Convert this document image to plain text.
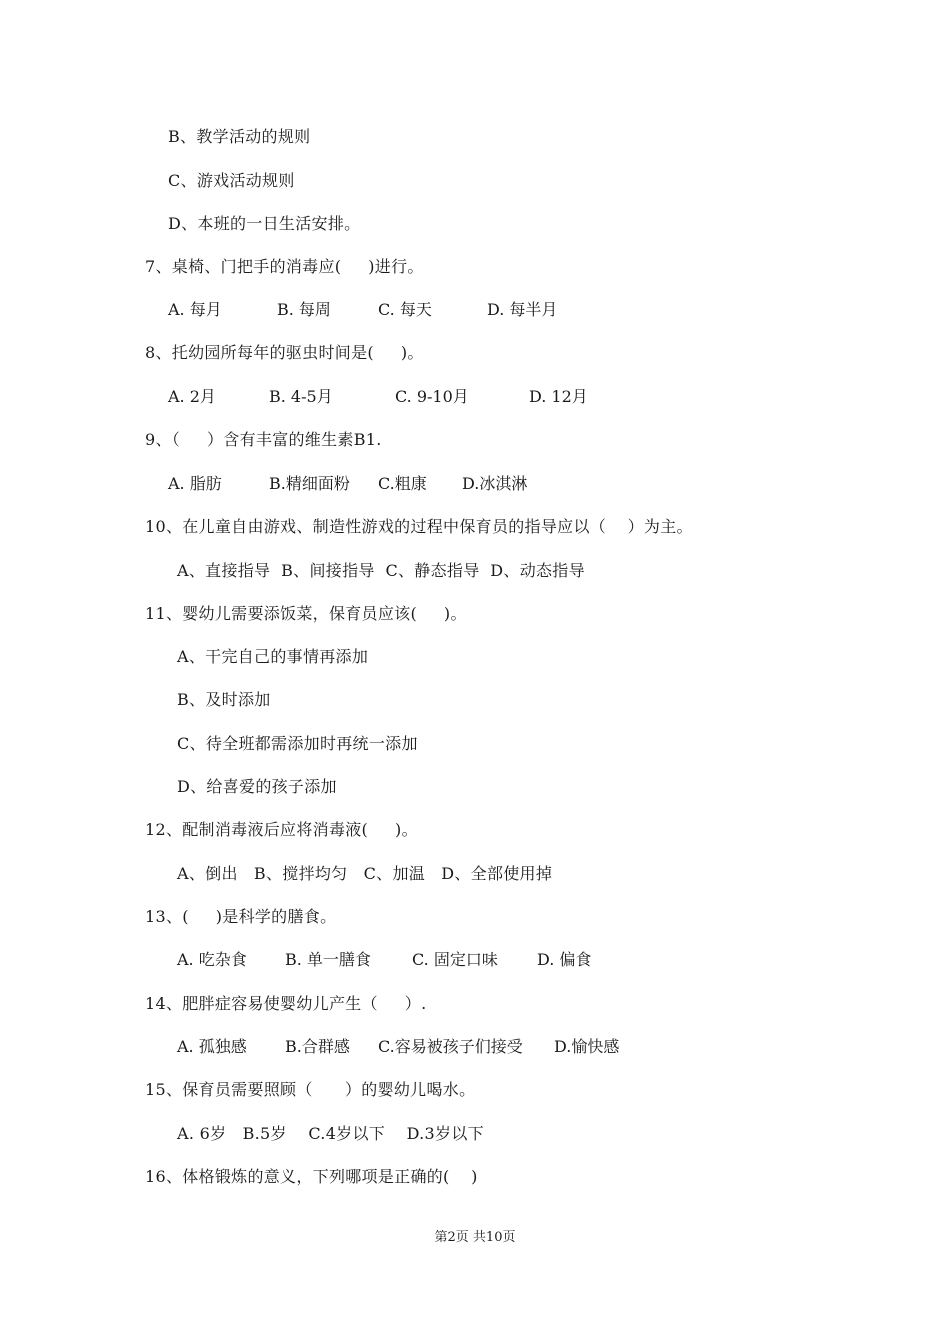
B、教学活动的规则
C、游戏活动规则
D、本班的一日生活安排。
7、桌椅、门把手的消毒应(     )进行。

A. 每月

	B. 每周

	C. 每天

	D. 每半月

8、托幼园所每年的驱虫时间是(     )。

A. 2月

	B. 4-5月

	C. 9-10月

	D. 12月

9、（     ）含有丰富的维生素B1.

A. 脂肪

	B.精细面粉

C.粗康

D.冰淇淋

10、在儿童自由游戏、制造性游戏的过程中保育员的指导应以（    ）为主。
A、直接指导  B、间接指导  C、静态指导  D、动态指导
11、婴幼儿需要添饭菜，保育员应该(     )。
A、干完自己的事情再添加
B、及时添加
C、待全班都需添加时再统一添加
D、给喜爱的孩子添加
12、配制消毒液后应将消毒液(     )。
A、倒出   B、搅拌均匀   C、加温   D、全部使用掉
13、(     )是科学的膳食。

A. 吃杂食

B. 单一膳食

	C. 固定口味

D. 偏食

14、肥胖症容易使婴幼儿产生（     ）.

A. 孤独感

B.合群感

C.容易被孩子们接受

D.愉快感

15、保育员需要照顾（      ）的婴幼儿喝水。
A. 6岁   B.5岁    C.4岁以下    D.3岁以下
16、体格锻炼的意义，下列哪项是正确的(    )
第2页 共10页
